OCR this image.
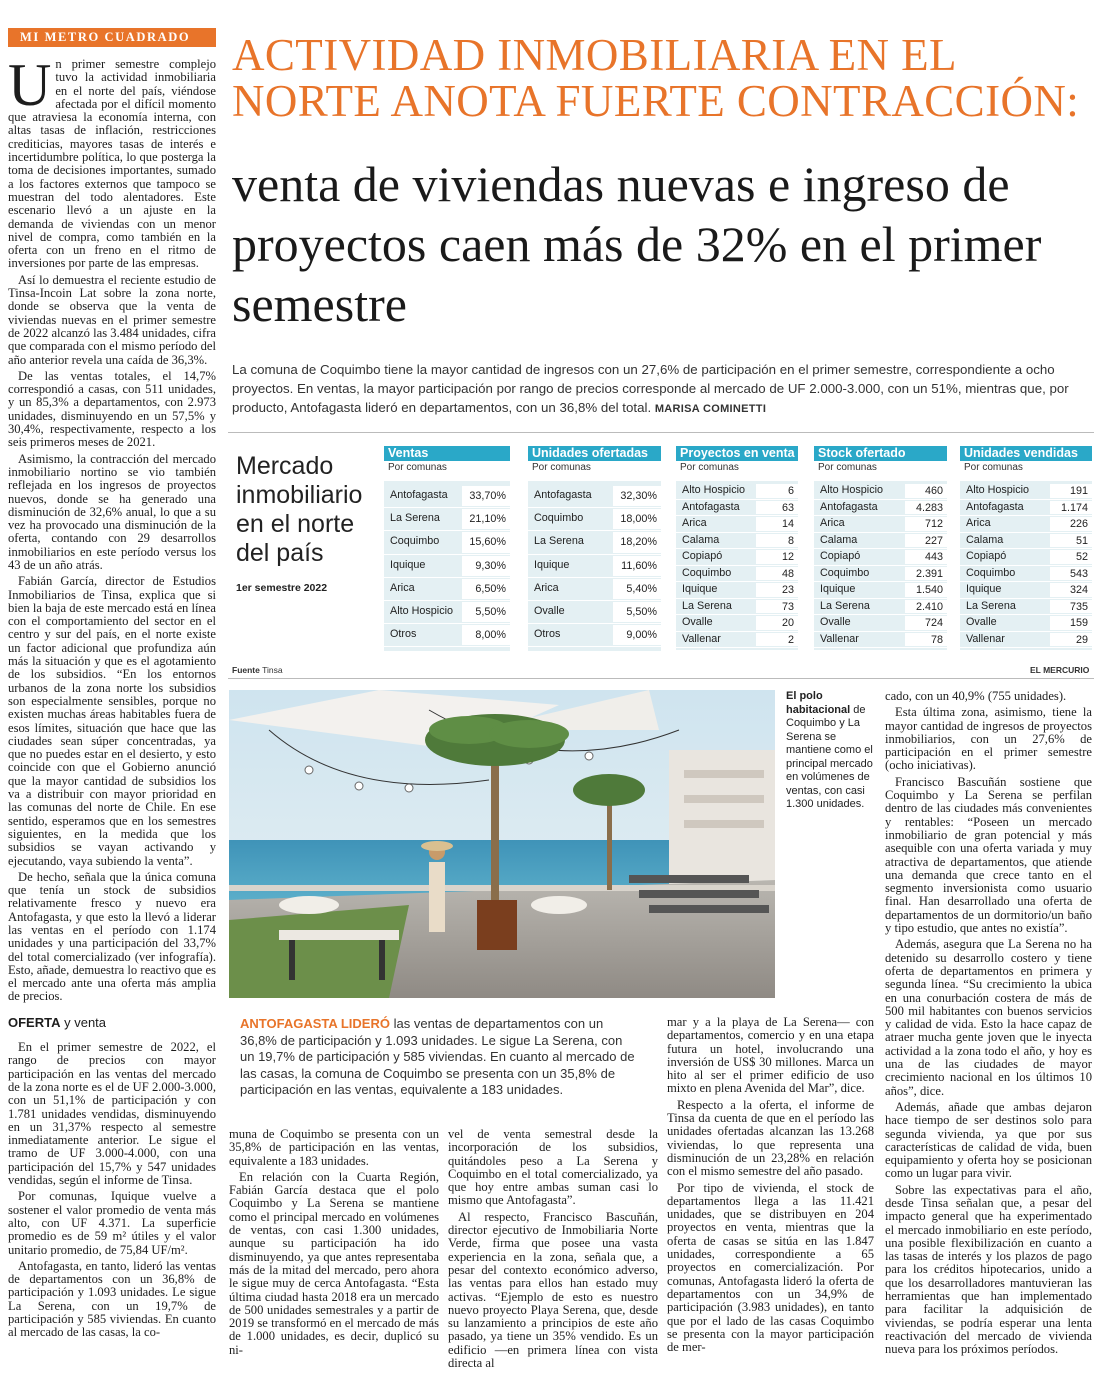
MI METRO CUADRADO
U n primer semestre complejo tuvo la actividad inmobiliaria en el norte del país, viéndose afectada por el difícil momento que atraviesa la economía interna, con altas tasas de inflación, restricciones crediticias, mayores tasas de interés e incertidumbre política, lo que posterga la toma de decisiones importantes, sumado a los factores externos que tampoco se muestran del todo alentadores. Este escenario llevó a un ajuste en la demanda de viviendas con un menor nivel de compra, como también en la oferta con un freno en el ritmo de inversiones por parte de las empresas.

Así lo demuestra el reciente estudio de Tinsa-Incoin Lat sobre la zona norte, donde se observa que la venta de viviendas nuevas en el primer semestre de 2022 alcanzó las 3.484 unidades, cifra que comparada con el mismo período del año anterior revela una caída de 36,3%.

De las ventas totales, el 14,7% correspondió a casas, con 511 unidades, y un 85,3% a departamentos, con 2.973 unidades, disminuyendo en un 57,5% y 30,4%, respectivamente, respecto a los seis primeros meses de 2021.

Asimismo, la contracción del mercado inmobiliario nortino se vio también reflejada en los ingresos de proyectos nuevos, donde se ha generado una disminución de 32,6% anual, lo que a su vez ha provocado una disminución de la oferta, contando con 29 desarrollos inmobiliarios en este período versus los 43 de un año atrás.

Fabián García, director de Estudios Inmobiliarios de Tinsa, explica que si bien la baja de este mercado está en línea con el comportamiento del sector en el centro y sur del país, en el norte existe un factor adicional que profundiza aún más la situación y que es el agotamiento de los subsidios. “En los entornos urbanos de la zona norte los subsidios son especialmente sensibles, porque no existen muchas áreas habitables fuera de esos límites, situación que hace que las ciudades sean súper concentradas, ya que no puedes estar en el desierto, y esto coincide con que el Gobierno anunció que la mayor cantidad de subsidios los va a distribuir con mayor prioridad en las comunas del norte de Chile. En ese sentido, esperamos que en los semestres siguientes, en la medida que los subsidios se vayan activando y ejecutando, vaya subiendo la venta”.

De hecho, señala que la única comuna que tenía un stock de subsidios relativamente fresco y nuevo era Antofagasta, y que esto la llevó a liderar las ventas en el período con 1.174 unidades y una participación del 33,7% del total comercializado (ver infografía). Esto, añade, demuestra lo reactivo que es el mercado ante una oferta más amplia de precios.

OFERTA y venta

En el primer semestre de 2022, el rango de precios con mayor participación en las ventas del mercado de la zona norte es el de UF 2.000-3.000, con un 51,1% de participación y con 1.781 unidades vendidas, disminuyendo en un 31,37% respecto al semestre inmediatamente anterior. Le sigue el tramo de UF 3.000-4.000, con una participación del 15,7% y 547 unidades vendidas, según el informe de Tinsa.

Por comunas, Iquique vuelve a sostener el valor promedio de venta más alto, con UF 4.371. La superficie promedio es de 59 m² útiles y el valor unitario promedio, de 75,84 UF/m².

Antofagasta, en tanto, lideró las ventas de departamentos con un 36,8% de participación y 1.093 unidades. Le sigue La Serena, con un 19,7% de participación y 585 viviendas. En cuanto al mercado de las casas, la co-

ACTIVIDAD INMOBILIARIA EN EL NORTE ANOTA FUERTE CONTRACCIÓN:
venta de viviendas nuevas e ingreso de proyectos caen más de 32% en el primer semestre
La comuna de Coquimbo tiene la mayor cantidad de ingresos con un 27,6% de participación en el primer semestre, correspondiente a ocho proyectos. En ventas, la mayor participación por rango de precios corresponde al mercado de UF 2.000-3.000, con un 51%, mientras que, por producto, Antofagasta lideró en departamentos, con un 36,8% del total. MARISA COMINETTI
Mercado inmobiliario en el norte del país
1er semestre 2022
Ventas
Por comunas
Antofagasta	33,70%
La Serena	21,10%
Coquimbo	15,60%
Iquique	9,30%
Arica	6,50%
Alto Hospicio	5,50%
Otros	8,00%
Unidades ofertadas
Por comunas
Antofagasta	32,30%
Coquimbo	18,00%
La Serena	18,20%
Iquique	11,60%
Arica	5,40%
Ovalle	5,50%
Otros	9,00%
Proyectos en venta
Por comunas
Alto Hospicio	6
Antofagasta	63
Arica	14
Calama	8
Copiapó	12
Coquimbo	48
Iquique	23
La Serena	73
Ovalle	20
Vallenar	2
Stock ofertado
Por comunas
Alto Hospicio	460
Antofagasta	4.283
Arica	712
Calama	227
Copiapó	443
Coquimbo	2.391
Iquique	1.540
La Serena	2.410
Ovalle	724
Vallenar	78
Unidades vendidas
Por comunas
Alto Hospicio	191
Antofagasta	1.174
Arica	226
Calama	51
Copiapó	52
Coquimbo	543
Iquique	324
La Serena	735
Ovalle	159
Vallenar	29
Fuente Tinsa	EL MERCURIO
El polo habitacional de Coquimbo y La Serena se mantiene como el principal mercado en volúmenes de ventas, con casi 1.300 unidades.
ANTOFAGASTA LIDERÓ las ventas de departamentos con un 36,8% de participación y 1.093 unidades. Le sigue La Serena, con un 19,7% de participación y 585 viviendas. En cuanto al mercado de las casas, la comuna de Coquimbo se presenta con un 35,8% de participación en las ventas, equivalente a 183 unidades.

muna de Coquimbo se presenta con un 35,8% de participación en las ventas, equivalente a 183 unidades.

En relación con la Cuarta Región, Fabián García destaca que el polo Coquimbo y La Serena se mantiene como el principal mercado en volúmenes de ventas, con casi 1.300 unidades, aunque su participación ha ido disminuyendo, ya que antes representaba más de la mitad del mercado, pero ahora le sigue muy de cerca Antofagasta. “Esta última ciudad hasta 2018 era un mercado de 500 unidades semestrales y a partir de 2019 se transformó en el mercado de más de 1.000 unidades, es decir, duplicó su ni-

vel de venta semestral desde la incorporación de los subsidios, quitándoles peso a La Serena y Coquimbo en el total comercializado, ya que hoy entre ambas suman casi lo mismo que Antofagasta”.

Al respecto, Francisco Bascuñán, director ejecutivo de Inmobiliaria Norte Verde, firma que posee una vasta experiencia en la zona, señala que, a pesar del contexto económico adverso, las ventas para ellos han estado muy activas. “Ejemplo de esto es nuestro nuevo proyecto Playa Serena, que, desde su lanzamiento a principios de este año pasado, ya tiene un 35% vendido. Es un edificio —en primera línea con vista directa al

mar y a la playa de La Serena— con departamentos, comercio y en una etapa futura un hotel, involucrando una inversión de US$ 30 millones. Marca un hito al ser el primer edificio de uso mixto en plena Avenida del Mar”, dice.

Respecto a la oferta, el informe de Tinsa da cuenta de que en el período las unidades ofertadas alcanzan las 13.268 viviendas, lo que representa una disminución de un 23,28% en relación con el mismo semestre del año pasado.

Por tipo de vivienda, el stock de departamentos llega a las 11.421 unidades, que se distribuyen en 204 proyectos en venta, mientras que la oferta de casas se sitúa en las 1.847 unidades, correspondiente a 65 proyectos en comercialización. Por comunas, Antofagasta lideró la oferta de departamentos con un 34,9% de participación (3.983 unidades), en tanto que por el lado de las casas Coquimbo se presenta con la mayor participación de mer-

cado, con un 40,9% (755 unidades).

Esta última zona, asimismo, tiene la mayor cantidad de ingresos de proyectos inmobiliarios, con un 27,6% de participación en el primer semestre (ocho iniciativas).

Francisco Bascuñán sostiene que Coquimbo y La Serena se perfilan dentro de las ciudades más convenientes y rentables: “Poseen un mercado inmobiliario de gran potencial y más asequible con una oferta variada y muy atractiva de departamentos, que atiende una demanda que crece tanto en el segmento inversionista como usuario final. Han desarrollado una oferta de departamentos de un dormitorio/un baño y tipo estudio, que antes no existía”.

Además, asegura que La Serena no ha detenido su desarrollo costero y tiene oferta de departamentos en primera y segunda línea. “Su crecimiento la ubica en una conurbación costera de más de 500 mil habitantes con buenos servicios y calidad de vida. Esto la hace capaz de atraer mucha gente joven que le inyecta actividad a la zona todo el año, y hoy es una de las ciudades de mayor crecimiento nacional en los últimos 10 años”, dice.

Además, añade que ambas dejaron hace tiempo de ser destinos solo para segunda vivienda, ya que por sus características de calidad de vida, buen equipamiento y oferta hoy se posicionan como un lugar para vivir.

Sobre las expectativas para el año, desde Tinsa señalan que, a pesar del impacto general que ha experimentado el mercado inmobiliario en este período, una posible flexibilización en cuanto a las tasas de interés y los plazos de pago para los créditos hipotecarios, unido a que los desarrolladores mantuvieran las herramientas que han implementado para facilitar la adquisición de viviendas, se podría esperar una lenta reactivación del mercado de vivienda nueva para los próximos períodos.
